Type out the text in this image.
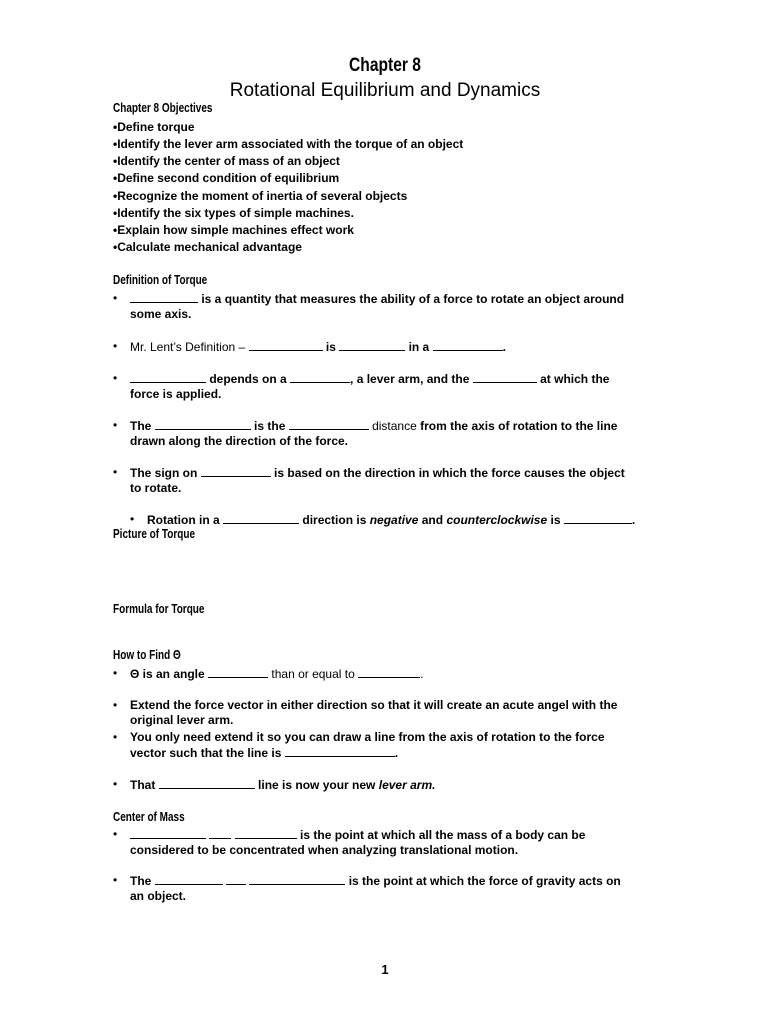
Chapter 8
Rotational Equilibrium and Dynamics
Chapter 8 Objectives
•Define torque
•Identify the lever arm associated with the torque of an object
•Identify the center of mass of an object
•Define second condition of equilibrium
•Recognize the moment of inertia of several objects
•Identify the six types of simple machines.
•Explain how simple machines effect work
•Calculate mechanical advantage
Definition of Torque
•	is a quantity that measures the ability of a force to rotate an object around
some axis.
• Mr. Lent’s Definition –	is	in a	.
•	depends on a	, a lever arm, and the	at which the
force is applied.
• The	is the	distance from the axis of rotation to the line
drawn along the direction of the force.
• The sign on	is based on the direction in which the force causes the object
to rotate.
• Rotation in a	direction is negative and counterclockwise is	.
Picture of Torque
Formula for Torque
How to Find Θ
• Θ is an angle	than or equal to	.
• Extend the force vector in either direction so that it will create an acute angel with the
original lever arm.
• You only need extend it so you can draw a line from the axis of rotation to the force
vector such that the line is	.
• That	line is now your new lever arm.
Center of Mass
•	is the point at which all the mass of a body can be
considered to be concentrated when analyzing translational motion.
• The	is the point at which the force of gravity acts on
an object.
1
